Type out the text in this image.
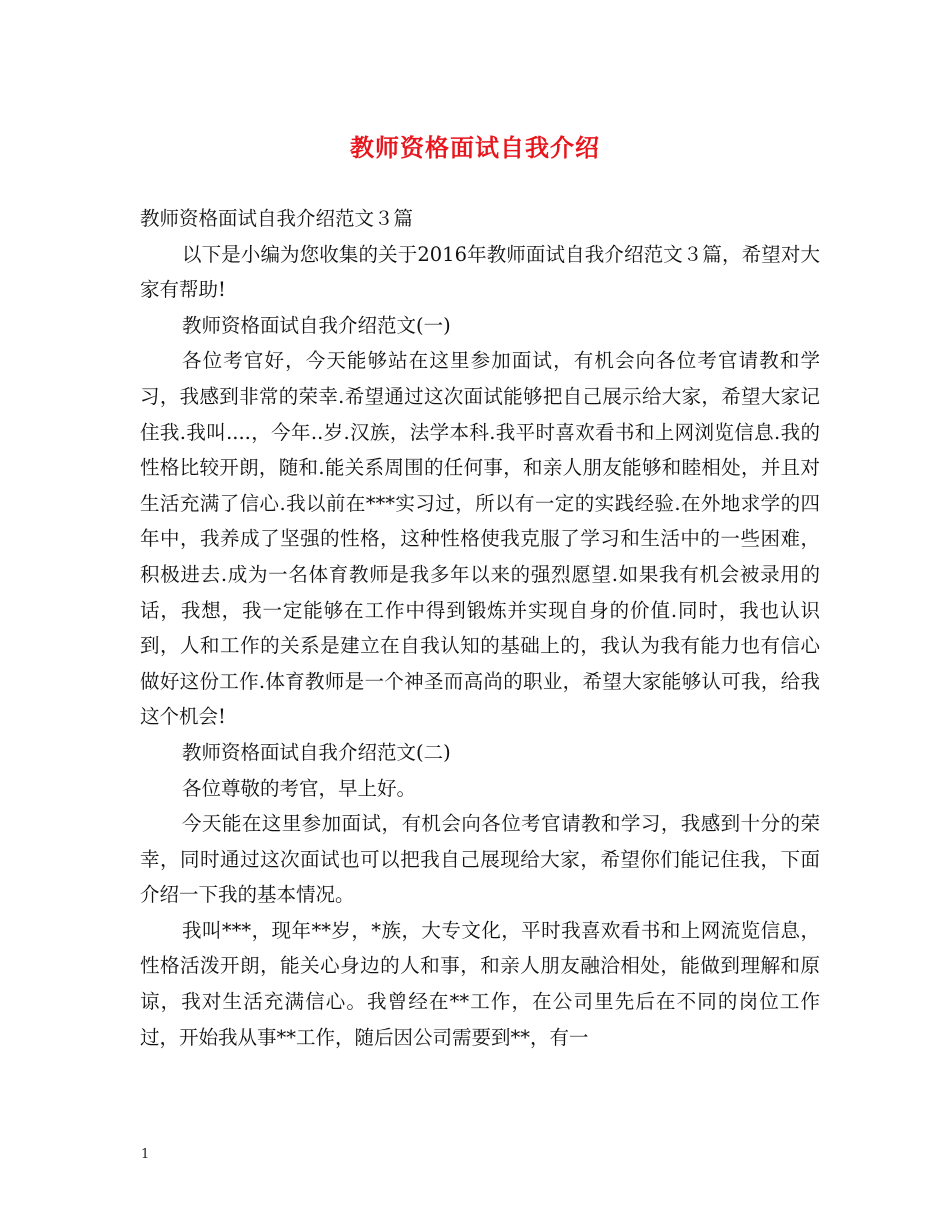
教师资格面试自我介绍

教师资格面试自我介绍范文３篇

以下是小编为您收集的关于2016年教师面试自我介绍范文３篇，希望对大家有帮助!

教师资格面试自我介绍范文(一)

各位考官好，今天能够站在这里参加面试，有机会向各位考官请教和学习，我感到非常的荣幸.希望通过这次面试能够把自己展示给大家，希望大家记住我.我叫....，今年..岁.汉族，法学本科.我平时喜欢看书和上网浏览信息.我的性格比较开朗，随和.能关系周围的任何事，和亲人朋友能够和睦相处，并且对生活充满了信心.我以前在***实习过，所以有一定的实践经验.在外地求学的四年中，我养成了坚强的性格，这种性格使我克服了学习和生活中的一些困难，积极进去.成为一名体育教师是我多年以来的强烈愿望.如果我有机会被录用的话，我想，我一定能够在工作中得到锻炼并实现自身的价值.同时，我也认识到，人和工作的关系是建立在自我认知的基础上的，我认为我有能力也有信心做好这份工作.体育教师是一个神圣而高尚的职业，希望大家能够认可我，给我这个机会!

教师资格面试自我介绍范文(二)

各位尊敬的考官，早上好。

今天能在这里参加面试，有机会向各位考官请教和学习，我感到十分的荣幸，同时通过这次面试也可以把我自己展现给大家，希望你们能记住我，下面介绍一下我的基本情况。

我叫***，现年**岁，*族，大专文化，平时我喜欢看书和上网流览信息，性格活泼开朗，能关心身边的人和事，和亲人朋友融洽相处，能做到理解和原谅，我对生活充满信心。我曾经在**工作，在公司里先后在不同的岗位工作过，开始我从事**工作，随后因公司需要到**，有一

1
